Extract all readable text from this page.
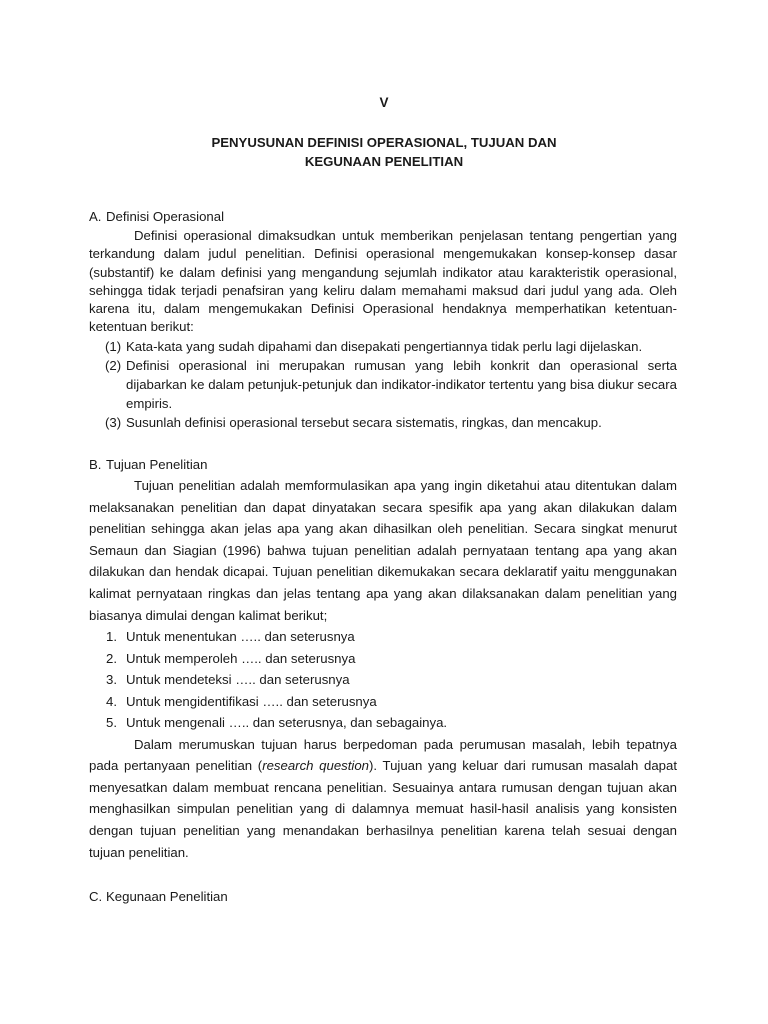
V
PENYUSUNAN DEFINISI OPERASIONAL, TUJUAN DAN
KEGUNAAN PENELITIAN
A. Definisi Operasional

Definisi operasional dimaksudkan untuk memberikan penjelasan tentang pengertian yang terkandung dalam judul penelitian. Definisi operasional mengemukakan konsep-konsep dasar (substantif) ke dalam definisi yang mengandung sejumlah indikator atau karakteristik operasional, sehingga tidak terjadi penafsiran yang keliru dalam memahami maksud dari judul yang ada. Oleh karena itu, dalam mengemukakan Definisi Operasional hendaknya memperhatikan ketentuan-ketentuan berikut:

(1) Kata-kata yang sudah dipahami dan disepakati pengertiannya tidak perlu lagi dijelaskan.
(2) Definisi operasional ini merupakan rumusan yang lebih konkrit dan operasional serta dijabarkan ke dalam petunjuk-petunjuk dan indikator-indikator tertentu yang bisa diukur secara empiris.
(3) Susunlah definisi operasional tersebut secara sistematis, ringkas, dan mencakup.
B. Tujuan Penelitian

Tujuan penelitian adalah memformulasikan apa yang ingin diketahui atau ditentukan dalam melaksanakan penelitian dan dapat dinyatakan secara spesifik apa yang akan dilakukan dalam penelitian sehingga akan jelas apa yang akan dihasilkan oleh penelitian. Secara singkat menurut Semaun dan Siagian (1996) bahwa tujuan penelitian adalah pernyataan tentang apa yang akan dilakukan dan hendak dicapai. Tujuan penelitian dikemukakan secara deklaratif yaitu menggunakan kalimat pernyataan ringkas dan jelas tentang apa yang akan dilaksanakan dalam penelitian yang biasanya dimulai dengan kalimat berikut;

1. Untuk menentukan ….. dan seterusnya
2. Untuk memperoleh ….. dan seterusnya
3. Untuk mendeteksi ….. dan seterusnya
4. Untuk mengidentifikasi ….. dan seterusnya
5. Untuk mengenali ….. dan seterusnya, dan sebagainya.

Dalam merumuskan tujuan harus berpedoman pada perumusan masalah, lebih tepatnya pada pertanyaan penelitian (research question). Tujuan yang keluar dari rumusan masalah dapat menyesatkan dalam membuat rencana penelitian. Sesuainya antara rumusan dengan tujuan akan menghasilkan simpulan penelitian yang di dalamnya memuat hasil-hasil analisis yang konsisten dengan tujuan penelitian yang menandakan berhasilnya penelitian karena telah sesuai dengan tujuan penelitian.

C. Kegunaan Penelitian
